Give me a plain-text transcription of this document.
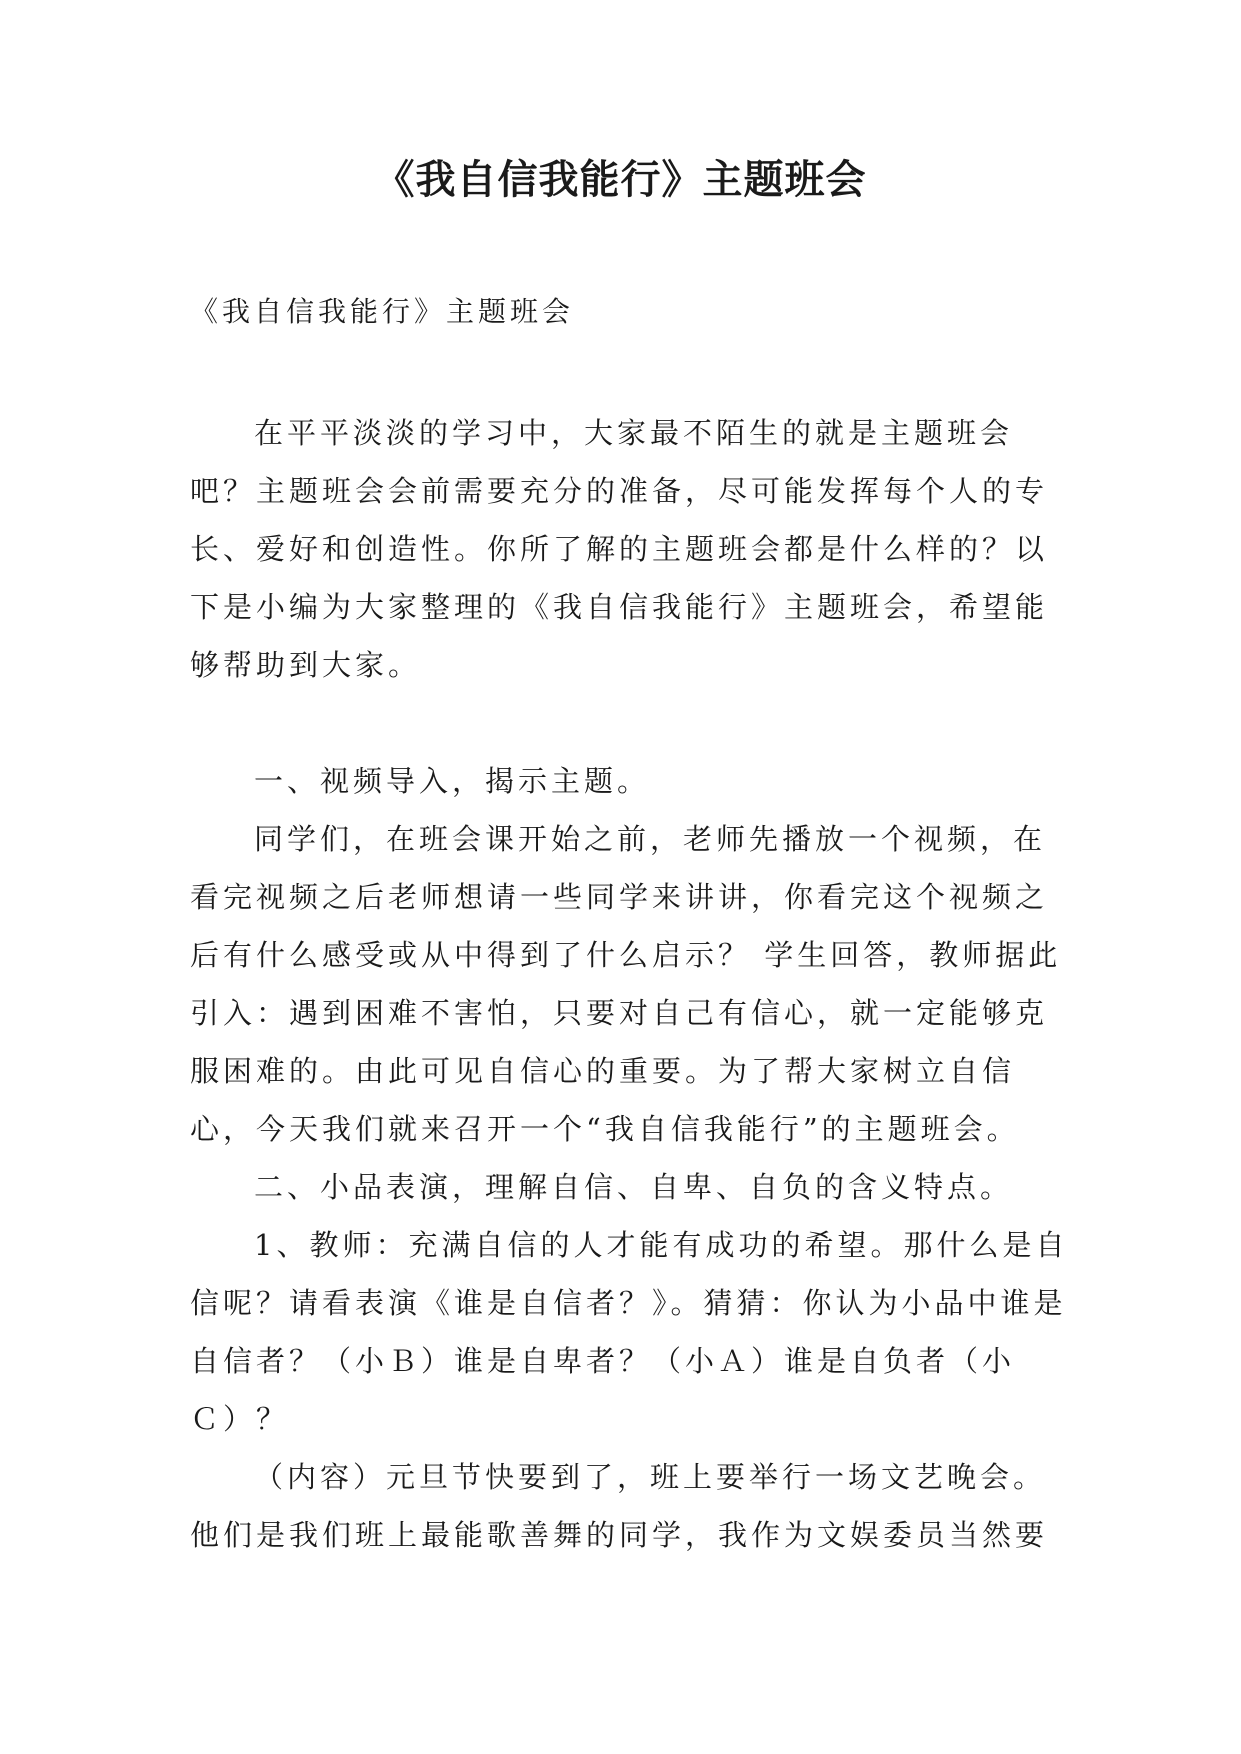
《我自信我能行》主题班会

《我自信我能行》主题班会

在平平淡淡的学习中，大家最不陌生的就是主题班会吧？主题班会会前需要充分的准备，尽可能发挥每个人的专长、爱好和创造性。你所了解的主题班会都是什么样的？以下是小编为大家整理的《我自信我能行》主题班会，希望能够帮助到大家。

一、视频导入，揭示主题。

同学们，在班会课开始之前，老师先播放一个视频，在看完视频之后老师想请一些同学来讲讲，你看完这个视频之后有什么感受或从中得到了什么启示？ 学生回答，教师据此引入：遇到困难不害怕，只要对自己有信心，就一定能够克服困难的。由此可见自信心的重要。为了帮大家树立自信心，今天我们就来召开一个“我自信我能行”的主题班会。

二、小品表演，理解自信、自卑、自负的含义特点。

1、教师：充满自信的人才能有成功的希望。那什么是自信呢？请看表演《谁是自信者？》。猜猜：你认为小品中谁是自信者？（小Ｂ）谁是自卑者？（小Ａ）谁是自负者（小Ｃ）？

（内容）元旦节快要到了，班上要举行一场文艺晚会。他们是我们班上最能歌善舞的同学，我作为文娱委员当然要
